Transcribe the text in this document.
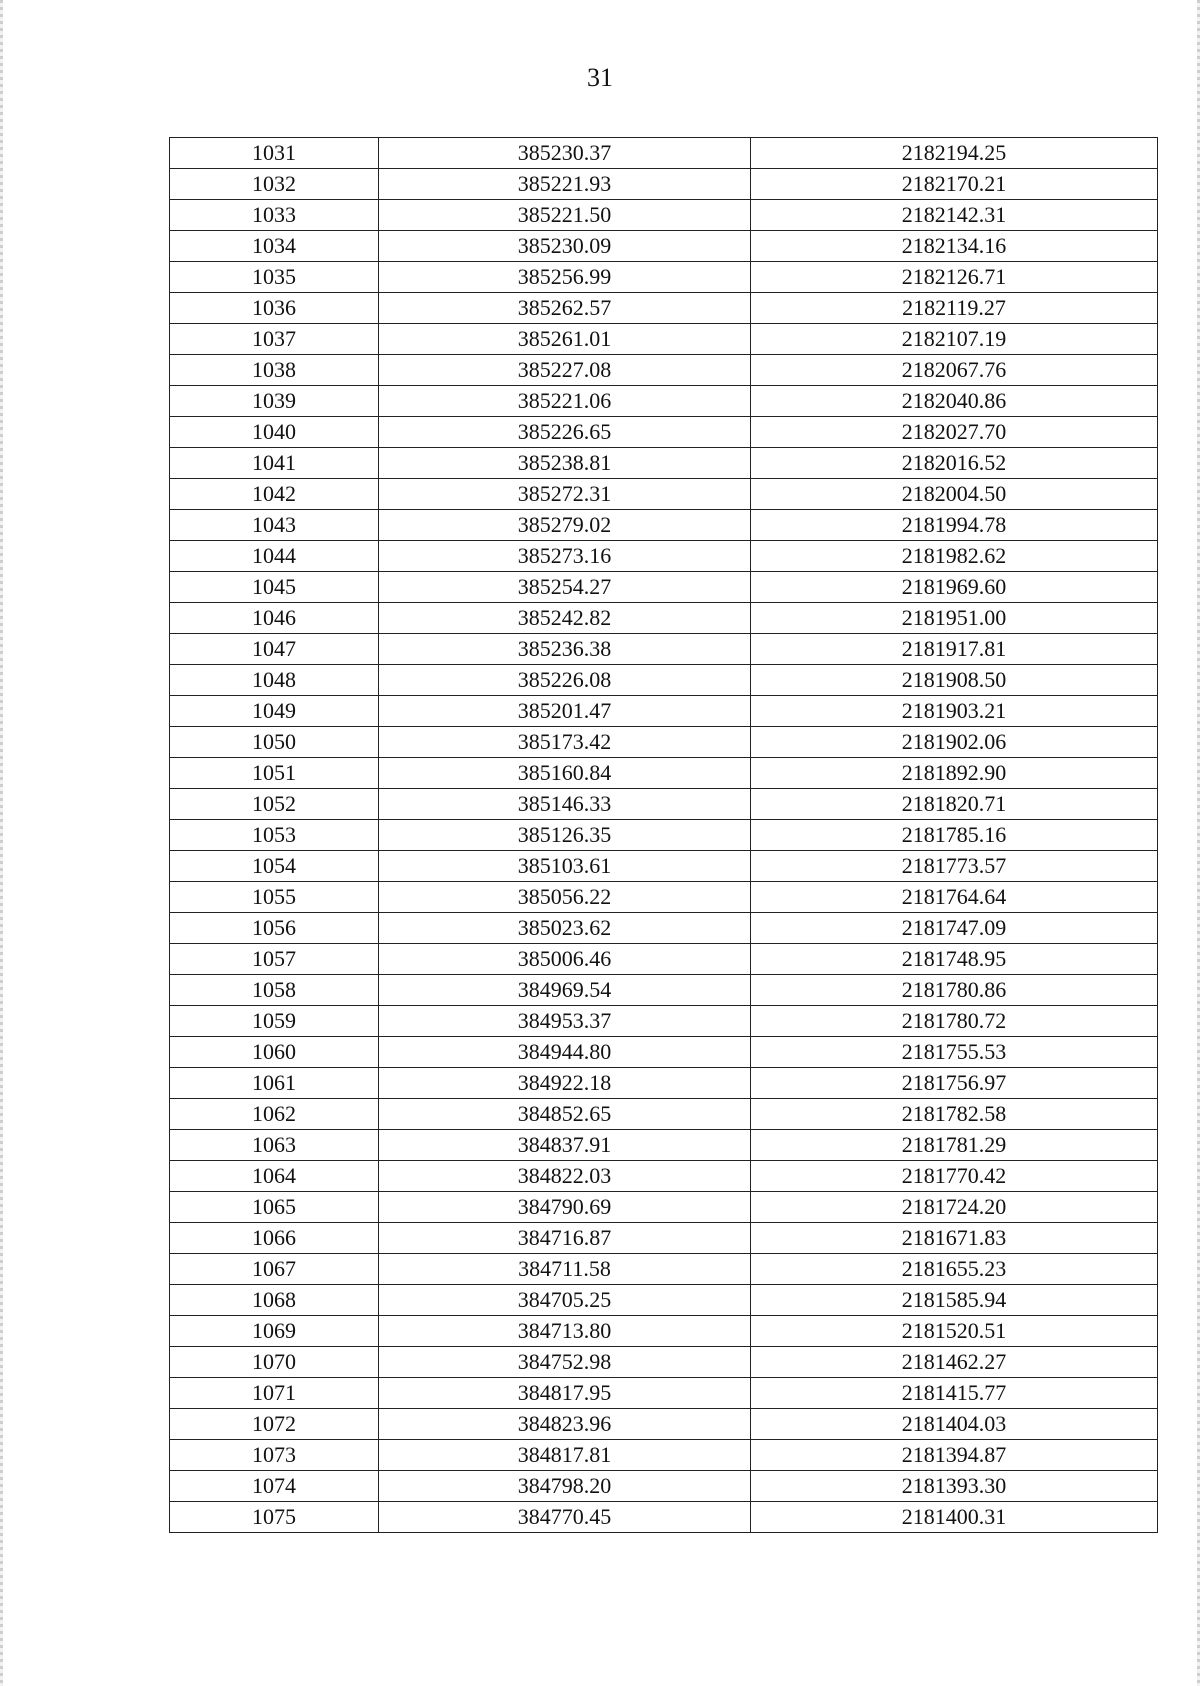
31
1031	385230.37	2182194.25
1032	385221.93	2182170.21
1033	385221.50	2182142.31
1034	385230.09	2182134.16
1035	385256.99	2182126.71
1036	385262.57	2182119.27
1037	385261.01	2182107.19
1038	385227.08	2182067.76
1039	385221.06	2182040.86
1040	385226.65	2182027.70
1041	385238.81	2182016.52
1042	385272.31	2182004.50
1043	385279.02	2181994.78
1044	385273.16	2181982.62
1045	385254.27	2181969.60
1046	385242.82	2181951.00
1047	385236.38	2181917.81
1048	385226.08	2181908.50
1049	385201.47	2181903.21
1050	385173.42	2181902.06
1051	385160.84	2181892.90
1052	385146.33	2181820.71
1053	385126.35	2181785.16
1054	385103.61	2181773.57
1055	385056.22	2181764.64
1056	385023.62	2181747.09
1057	385006.46	2181748.95
1058	384969.54	2181780.86
1059	384953.37	2181780.72
1060	384944.80	2181755.53
1061	384922.18	2181756.97
1062	384852.65	2181782.58
1063	384837.91	2181781.29
1064	384822.03	2181770.42
1065	384790.69	2181724.20
1066	384716.87	2181671.83
1067	384711.58	2181655.23
1068	384705.25	2181585.94
1069	384713.80	2181520.51
1070	384752.98	2181462.27
1071	384817.95	2181415.77
1072	384823.96	2181404.03
1073	384817.81	2181394.87
1074	384798.20	2181393.30
1075	384770.45	2181400.31
